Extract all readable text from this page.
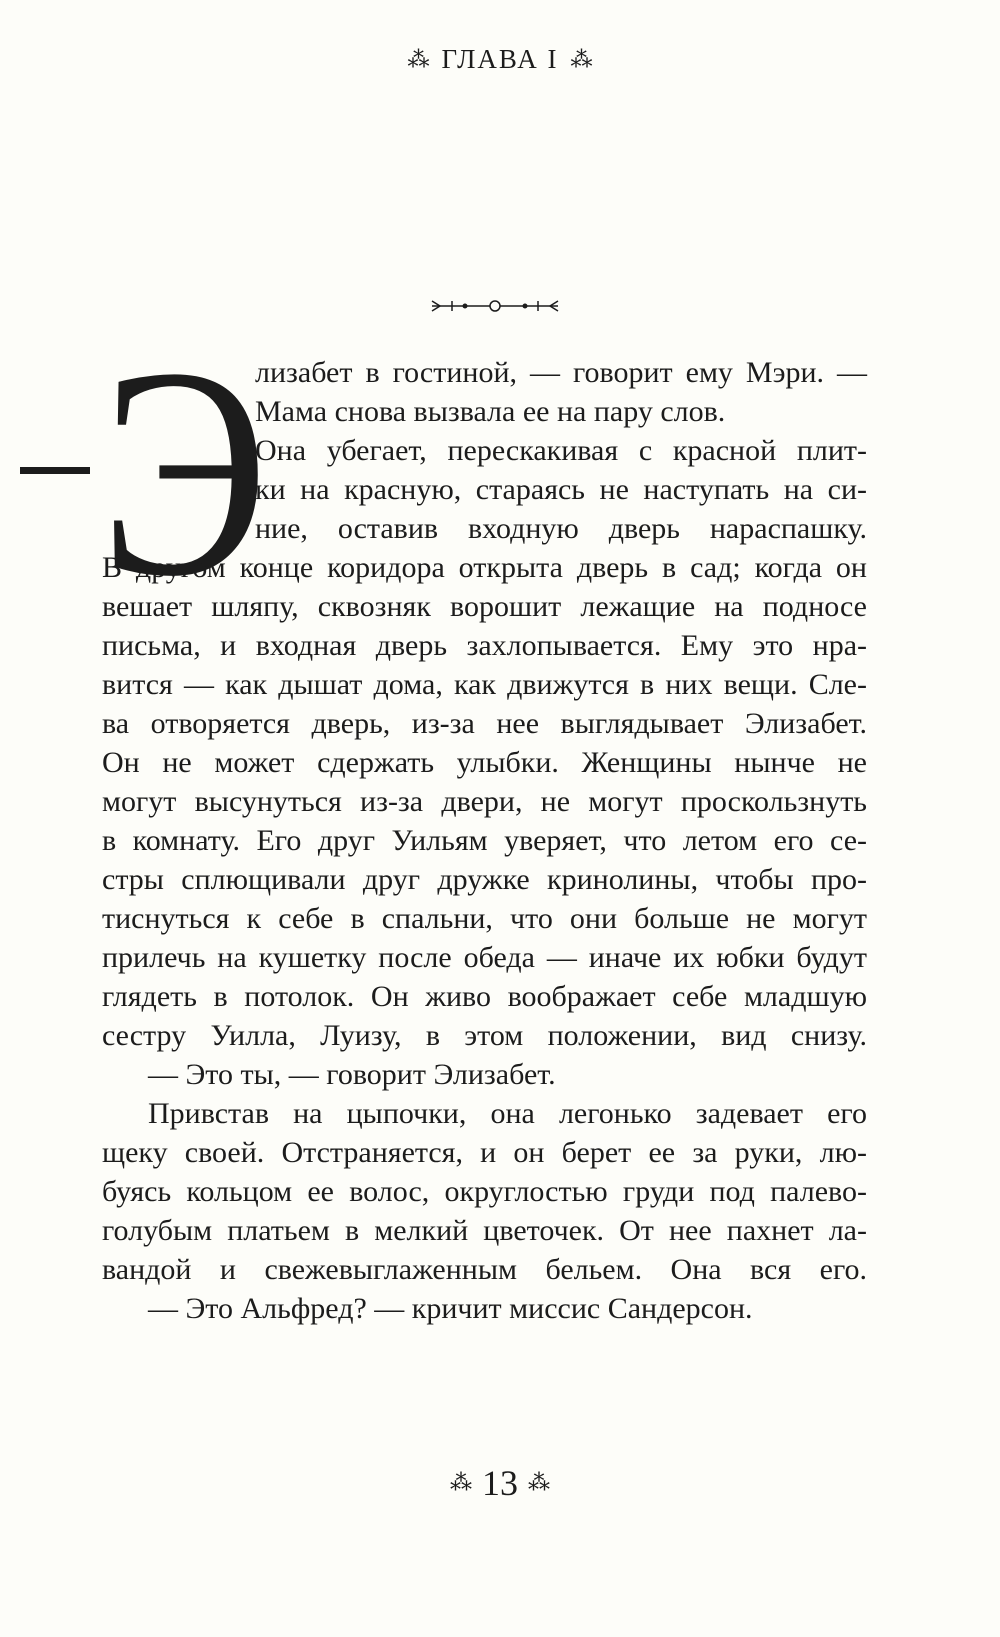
⁂ ГЛАВА I ⁂
Э
лизабет в гостиной, — говорит ему Мэри. —
Мама снова вызвала ее на пару слов.
Она убегает, перескакивая с красной плит-
ки на красную, стараясь не наступать на си-
ние, оставив входную дверь нараспашку.
В другом конце коридора открыта дверь в сад; когда он
вешает шляпу, сквозняк ворошит лежащие на подносе
письма, и входная дверь захлопывается. Ему это нра-
вится — как дышат дома, как движутся в них вещи. Сле-
ва отворяется дверь, из-за нее выглядывает Элизабет.
Он не может сдержать улыбки. Женщины нынче не
могут высунуться из-за двери, не могут проскользнуть
в комнату. Его друг Уильям уверяет, что летом его се-
стры сплющивали друг дружке кринолины, чтобы про-
тиснуться к себе в спальни, что они больше не могут
прилечь на кушетку после обеда — иначе их юбки будут
глядеть в потолок. Он живо воображает себе младшую
сестру Уилла, Луизу, в этом положении, вид снизу.
— Это ты, — говорит Элизабет.
Привстав на цыпочки, она легонько задевает его
щеку своей. Отстраняется, и он берет ее за руки, лю-
буясь кольцом ее волос, округлостью груди под палево-
голубым платьем в мелкий цветочек. От нее пахнет ла-
вандой и свежевыглаженным бельем. Она вся его.
— Это Альфред? — кричит миссис Сандерсон.
⁂ 13 ⁂
